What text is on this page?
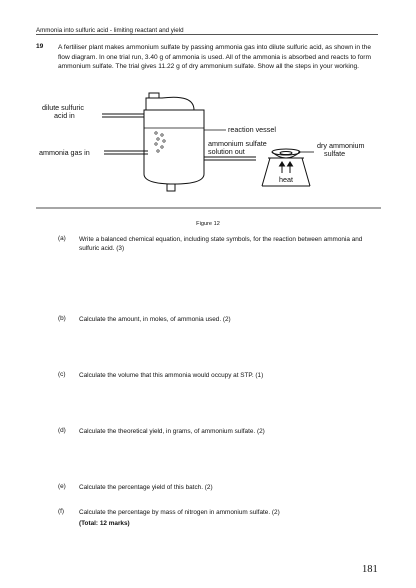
Ammonia into sulfuric acid - limiting reactant and yield
19 A fertiliser plant makes ammonium sulfate by passing ammonia gas into dilute sulfuric acid, as shown in the flow diagram. In one trial run, 3.40 g of ammonia is used. All of the ammonia is absorbed and reacts to form ammonium sulfate. The trial gives 11.22 g of dry ammonium sulfate. Show all the steps in your working.
dilute sulfuric
acid in
ammonia gas in
reaction vessel
ammonium sulfate
solution out
dry ammonium
sulfate
heat
Figure 12
(a) Write a balanced chemical equation, including state symbols, for the reaction between ammonia and sulfuric acid. (3)
(b) Calculate the amount, in moles, of ammonia used. (2)
(c) Calculate the volume that this ammonia would occupy at STP. (1)
(d) Calculate the theoretical yield, in grams, of ammonium sulfate. (2)
(e) Calculate the percentage yield of this batch. (2)
(f) Calculate the percentage by mass of nitrogen in ammonium sulfate. (2)
(Total: 12 marks)
181
